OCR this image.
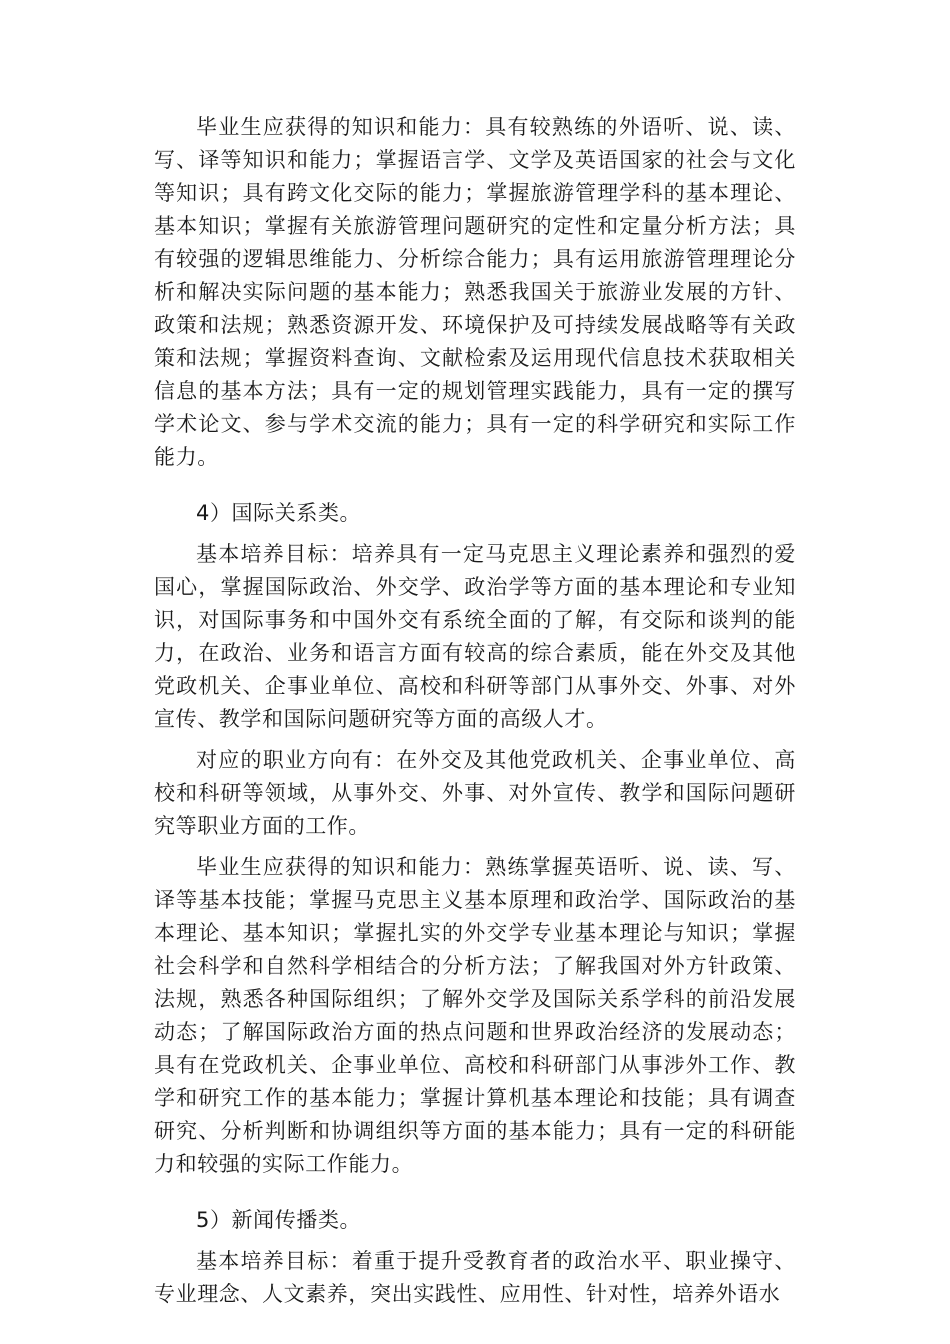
毕业生应获得的知识和能力：具有较熟练的外语听、说、读、写、译等知识和能力；掌握语言学、文学及英语国家的社会与文化等知识；具有跨文化交际的能力；掌握旅游管理学科的基本理论、基本知识；掌握有关旅游管理问题研究的定性和定量分析方法；具有较强的逻辑思维能力、分析综合能力；具有运用旅游管理理论分析和解决实际问题的基本能力；熟悉我国关于旅游业发展的方针、政策和法规；熟悉资源开发、环境保护及可持续发展战略等有关政策和法规；掌握资料查询、文献检索及运用现代信息技术获取相关信息的基本方法；具有一定的规划管理实践能力，具有一定的撰写学术论文、参与学术交流的能力；具有一定的科学研究和实际工作能力。

4）国际关系类。

基本培养目标：培养具有一定马克思主义理论素养和强烈的爱国心，掌握国际政治、外交学、政治学等方面的基本理论和专业知识，对国际事务和中国外交有系统全面的了解，有交际和谈判的能力，在政治、业务和语言方面有较高的综合素质，能在外交及其他党政机关、企事业单位、高校和科研等部门从事外交、外事、对外宣传、教学和国际问题研究等方面的高级人才。

对应的职业方向有：在外交及其他党政机关、企事业单位、高校和科研等领域，从事外交、外事、对外宣传、教学和国际问题研究等职业方面的工作。

毕业生应获得的知识和能力：熟练掌握英语听、说、读、写、译等基本技能；掌握马克思主义基本原理和政治学、国际政治的基本理论、基本知识；掌握扎实的外交学专业基本理论与知识；掌握社会科学和自然科学相结合的分析方法；了解我国对外方针政策、法规，熟悉各种国际组织；了解外交学及国际关系学科的前沿发展动态；了解国际政治方面的热点问题和世界政治经济的发展动态；具有在党政机关、企事业单位、高校和科研部门从事涉外工作、教学和研究工作的基本能力；掌握计算机基本理论和技能；具有调查研究、分析判断和协调组织等方面的基本能力；具有一定的科研能力和较强的实际工作能力。

5）新闻传播类。

基本培养目标：着重于提升受教育者的政治水平、职业操守、专业理念、人文素养，突出实践性、应用性、针对性，培养外语水
